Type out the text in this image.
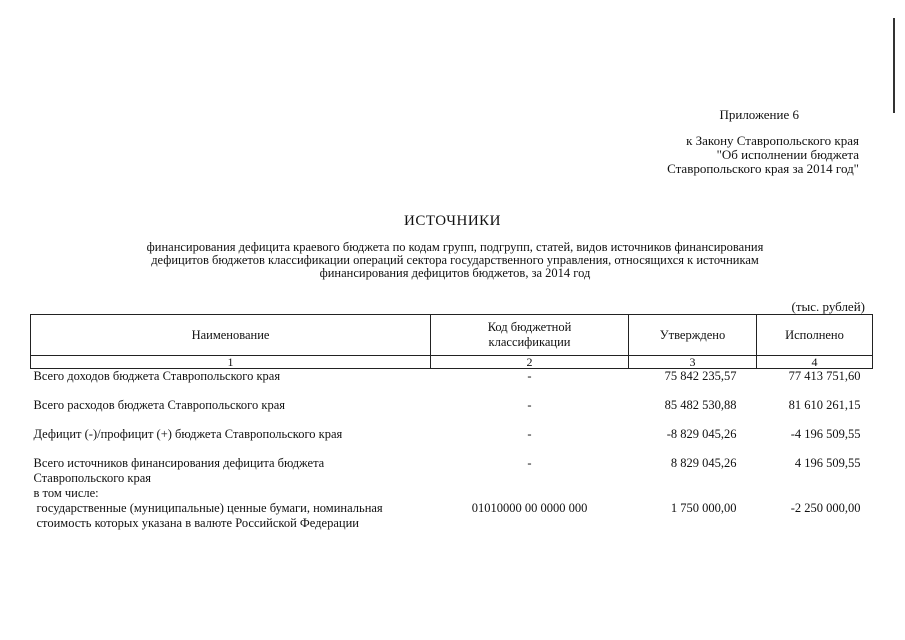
Приложение 6
к Закону Ставропольского края
"Об исполнении бюджета
Ставропольского края за 2014 год"
ИСТОЧНИКИ
финансирования дефицита краевого бюджета по кодам групп, подгрупп, статей, видов источников финансирования
дефицитов бюджетов классификации операций сектора государственного управления, относящихся к источникам
финансирования дефицитов бюджетов, за 2014 год
(тыс. рублей)
Наименование	Код бюджетной классификации	Утверждено	Исполнено
1	2	3	4
Всего доходов бюджета Ставропольского края	-	75 842 235,57	77 413 751,60
Всего расходов бюджета Ставропольского края	-	85 482 530,88	81 610 261,15
Дефицит (-)/профицит (+) бюджета Ставропольского края	-	-8 829 045,26	-4 196 509,55
Всего источников финансирования дефицита бюджета Ставропольского края	-	8 829 045,26	4 196 509,55
в том числе:			
государственные (муниципальные) ценные бумаги, номинальная стоимость которых указана в валюте Российской Федерации	01010000 00 0000 000	1 750 000,00	-2 250 000,00
